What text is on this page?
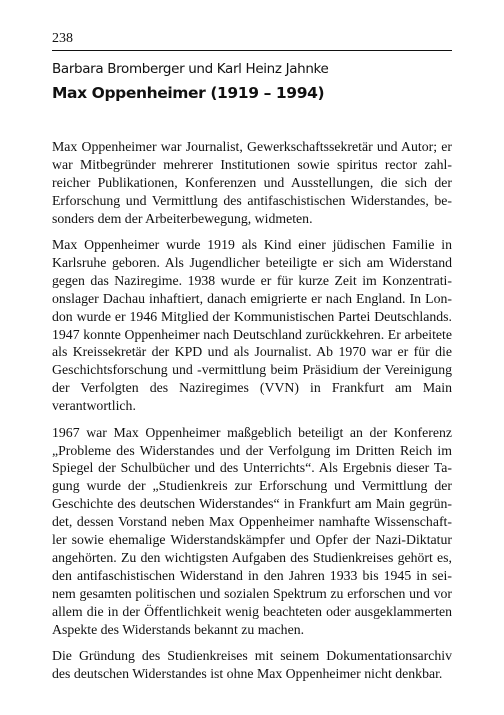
238
Barbara Bromberger und Karl Heinz Jahnke
Max Oppenheimer (1919 – 1994)

Max Oppenheimer war Journalist, Gewerkschaftssekretär und Autor; er war Mitbegründer mehrerer Institutionen sowie spiritus rector zahlreicher Publikationen, Konferenzen und Ausstellungen, die sich der Erforschung und Vermittlung des antifaschistischen Widerstandes, besonders dem der Arbeiterbewegung, widmeten.

Max Oppenheimer wurde 1919 als Kind einer jüdischen Familie in Karlsruhe geboren. Als Jugendlicher beteiligte er sich am Widerstand gegen das Naziregime. 1938 wurde er für kurze Zeit im Konzentrationslager Dachau inhaftiert, danach emigrierte er nach England. In London wurde er 1946 Mitglied der Kommunistischen Partei Deutschlands. 1947 konnte Oppenheimer nach Deutschland zurückkehren. Er arbeitete als Kreissekretär der KPD und als Journalist. Ab 1970 war er für die Geschichtsforschung und -vermittlung beim Präsidium der Vereinigung der Verfolgten des Naziregimes (VVN) in Frankfurt am Main verantwortlich.

1967 war Max Oppenheimer maßgeblich beteiligt an der Konferenz „Probleme des Widerstandes und der Verfolgung im Dritten Reich im Spiegel der Schulbücher und des Unterrichts“. Als Ergebnis dieser Tagung wurde der „Studienkreis zur Erforschung und Vermittlung der Geschichte des deutschen Widerstandes“ in Frankfurt am Main gegründet, dessen Vorstand neben Max Oppenheimer namhafte Wissenschaftler sowie ehemalige Widerstandskämpfer und Opfer der Nazi-Diktatur angehörten. Zu den wichtigsten Aufgaben des Studienkreises gehört es, den antifaschistischen Widerstand in den Jahren 1933 bis 1945 in seinem gesamten politischen und sozialen Spektrum zu erforschen und vor allem die in der Öffentlichkeit wenig beachteten oder ausgeklammerten Aspekte des Widerstands bekannt zu machen.

Die Gründung des Studienkreises mit seinem Dokumentationsarchiv des deutschen Widerstandes ist ohne Max Oppenheimer nicht denkbar.
